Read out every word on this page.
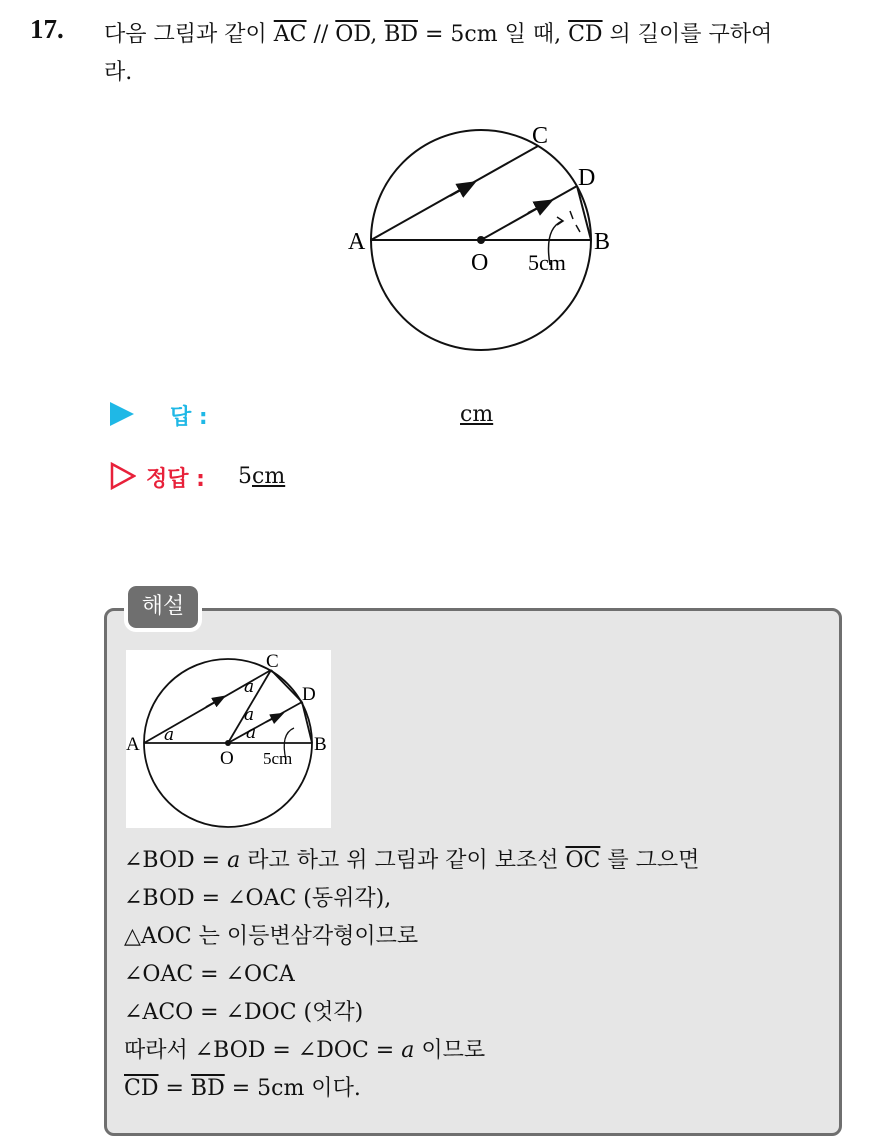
17. 다음 그림과 같이 $\overline{AC} // \overline{OD}$, $\overline{BD} = 5cm$ 일 때, $\overline{CD}$ 의 길이를 구하여
라.
A	B
C
D
O 5cm
답 :	cm
정답 : 5cm
해설
A	B
C
D
O 5cm
a
a
a
a
∠BOD = a 라고 하고 위 그림과 같이 보조선 $\overline{OC}$ 를 그으면
∠BOD = ∠OAC (동위각),
△AOC 는 이등변삼각형이므로
∠OAC = ∠OCA
∠ACO = ∠DOC (엇각)
따라서 ∠BOD = ∠DOC = a 이므로
$\overline{CD} = \overline{BD} = 5cm$ 이다.
